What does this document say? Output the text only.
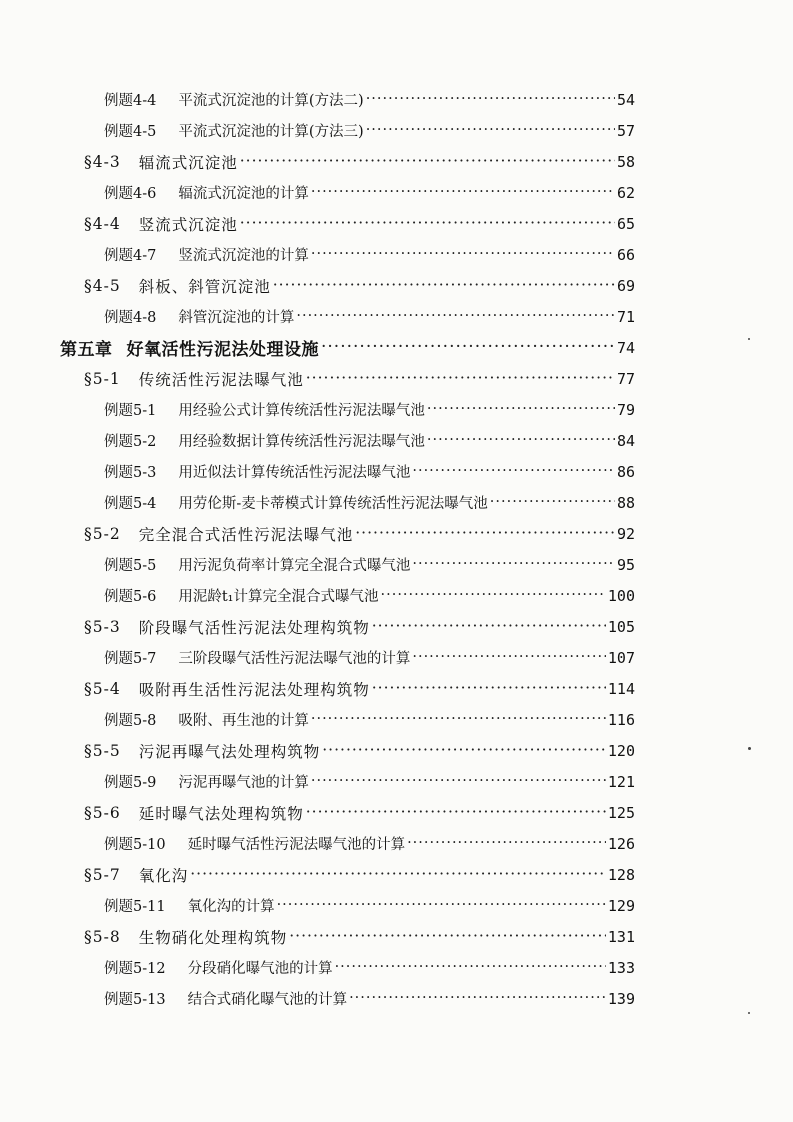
例题4-4 平流式沉淀池的计算(方法二) ·····	54
例题4-5 平流式沉淀池的计算(方法三) ·····	57
§4-3 辐流式沉淀池 ·····	58
例题4-6 辐流式沉淀池的计算 ·····	62
§4-4 竖流式沉淀池 ·····	65
例题4-7 竖流式沉淀池的计算 ·····	66
§4-5 斜板、斜管沉淀池 ·····	69
例题4-8 斜管沉淀池的计算 ·····	71
第五章 好氧活性污泥法处理设施 ·····	74
§5-1 传统活性污泥法曝气池 ·····	77
例题5-1 用经验公式计算传统活性污泥法曝气池 ·····	79
例题5-2 用经验数据计算传统活性污泥法曝气池 ·····	84
例题5-3 用近似法计算传统活性污泥法曝气池 ·····	86
例题5-4 用劳伦斯-麦卡蒂模式计算传统活性污泥法曝气池 ·····	88
§5-2 完全混合式活性污泥法曝气池 ·····	92
例题5-5 用污泥负荷率计算完全混合式曝气池 ·····	95
例题5-6 用泥龄t₁计算完全混合式曝气池 ·····	100
§5-3 阶段曝气活性污泥法处理构筑物 ·····	105
例题5-7 三阶段曝气活性污泥法曝气池的计算 ·····	107
§5-4 吸附再生活性污泥法处理构筑物 ·····	114
例题5-8 吸附、再生池的计算 ·····	116
§5-5 污泥再曝气法处理构筑物 ·····	120
例题5-9 污泥再曝气池的计算 ·····	121
§5-6 延时曝气法处理构筑物 ·····	125
例题5-10 延时曝气活性污泥法曝气池的计算 ·····	126
§5-7 氧化沟 ·····	128
例题5-11 氧化沟的计算 ·····	129
§5-8 生物硝化处理构筑物 ·····	131
例题5-12 分段硝化曝气池的计算 ·····	133
例题5-13 结合式硝化曝气池的计算 ·····	139
